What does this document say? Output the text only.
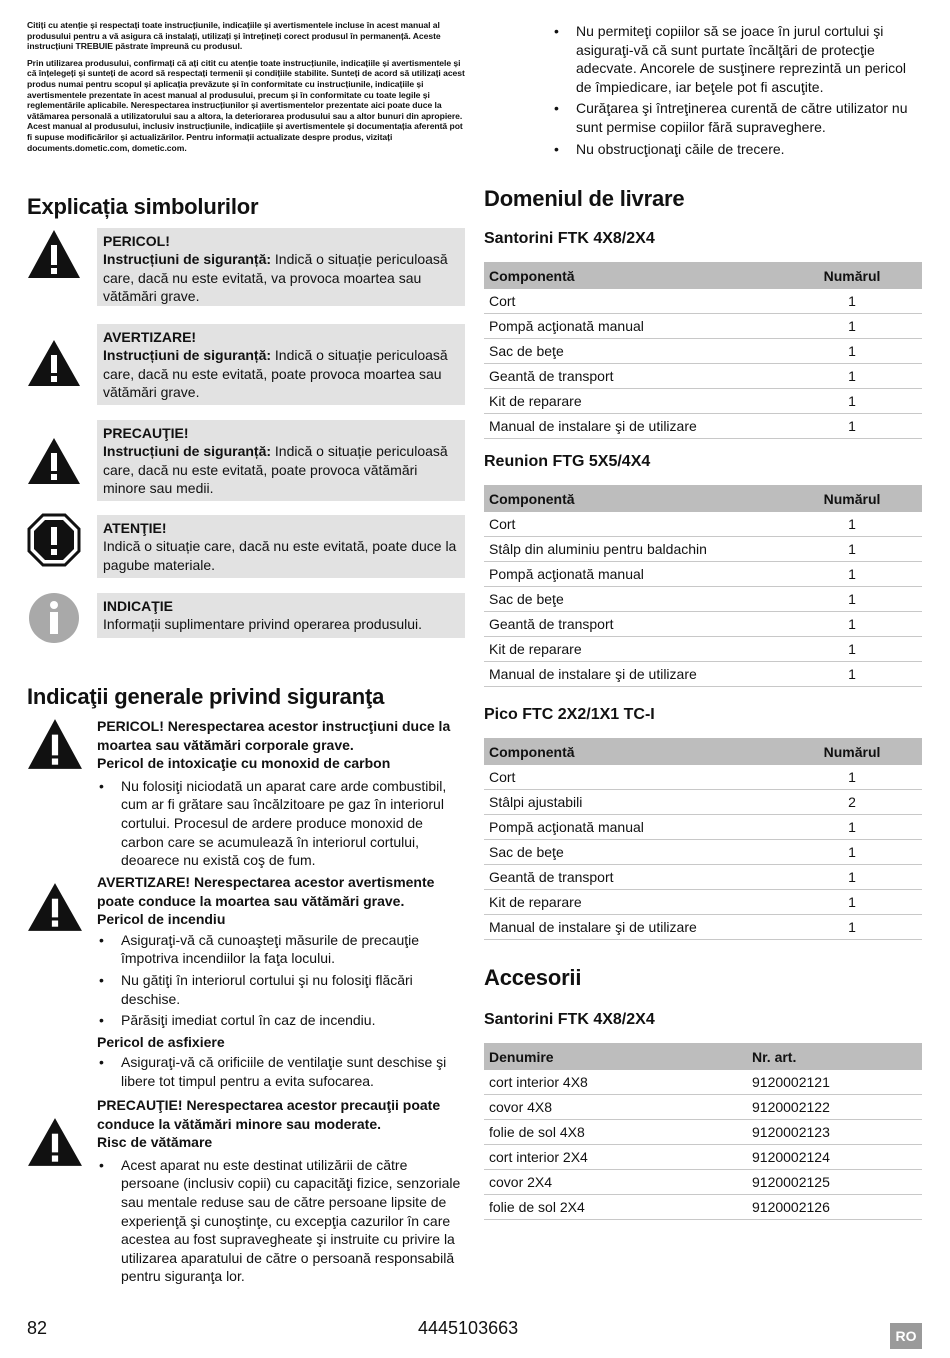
Citiți cu atenție și respectați toate instrucțiunile, indicațiile și avertismentele incluse în acest manual al produsului pentru a vă asigura că instalați, utilizați și întrețineți corect produsul în permanență. Aceste instrucțiuni TREBUIE păstrate împreună cu produsul.

Prin utilizarea produsului, confirmați că ați citit cu atenție toate instrucțiunile, indicațiile și avertismentele și că înțelegeți și sunteți de acord să respectați termenii și condițiile stabilite. Sunteți de acord să utilizați acest produs numai pentru scopul și aplicația prevăzute și în conformitate cu instrucțiunile, indicațiile și avertismentele prezentate în acest manual al produsului, precum și în conformitate cu toate legile și reglementările aplicabile. Nerespectarea instrucțiunilor și avertismentelor prezentate aici poate duce la vătămarea personală a utilizatorului sau a altora, la deteriorarea produsului sau a altor bunuri din apropiere. Acest manual al produsului, inclusiv instrucțiunile, indicațiile și avertismentele și documentația aferentă pot fi supuse modificărilor și actualizărilor. Pentru informații actualizate despre produs, vizitați documents.dometic.com, dometic.com.

Explicația simbolurilor
PERICOL!
Instrucțiuni de siguranță: Indică o situație periculoasă care, dacă nu este evitată, va provoca moartea sau vătămări grave.
AVERTIZARE!
Instrucțiuni de siguranță: Indică o situație periculoasă care, dacă nu este evitată, poate provoca moartea sau vătămări grave.
PRECAUŢIE!
Instrucțiuni de siguranță: Indică o situație periculoasă care, dacă nu este evitată, poate provoca vătămări minore sau medii.
ATENŢIE!
Indică o situație care, dacă nu este evitată, poate duce la pagube materiale.
INDICAŢIE
Informații suplimentare privind operarea produsului.
Indicaţii generale privind siguranţa
PERICOL! Nerespectarea acestor instrucţiuni duce la moartea sau vătămări corporale grave.
Pericol de intoxicaţie cu monoxid de carbon
• Nu folosiţi niciodată un aparat care arde combustibil, cum ar fi grătare sau încălzitoare pe gaz în interiorul cortului. Procesul de ardere produce monoxid de carbon care se acumulează în interiorul cortului, deoarece nu există coş de fum.
AVERTIZARE! Nerespectarea acestor avertismente poate conduce la moartea sau vătămări grave.
Pericol de incendiu
• Asiguraţi-vă că cunoaşteţi măsurile de precauţie împotriva incendiilor la faţa locului.
• Nu gătiţi în interiorul cortului şi nu folosiţi flăcări deschise.
• Părăsiţi imediat cortul în caz de incendiu.
Pericol de asfixiere
• Asiguraţi-vă că orificiile de ventilaţie sunt deschise şi libere tot timpul pentru a evita sufocarea.
PRECAUŢIE! Nerespectarea acestor precauţii poate conduce la vătămări minore sau moderate.
Risc de vătămare
• Acest aparat nu este destinat utilizării de către persoane (inclusiv copii) cu capacităţi fizice, senzoriale sau mentale reduse sau de către persoane lipsite de experienţă şi cunoştinţe, cu excepţia cazurilor în care acestea au fost supravegheate şi instruite cu privire la utilizarea aparatului de către o persoană responsabilă pentru siguranţa lor.
• Nu permiteţi copiilor să se joace în jurul cortului şi asiguraţi-vă că sunt purtate încălţări de protecţie adecvate. Ancorele de susţinere reprezintă un pericol de împiedicare, iar beţele pot fi ascuţite.
• Curăţarea şi întreţinerea curentă de către utilizator nu sunt permise copiilor fără supraveghere.
• Nu obstrucţionaţi căile de trecere.
Domeniul de livrare
Santorini FTK 4X8/2X4
Componentă	Numărul
Cort	1
Pompă acţionată manual	1
Sac de beţe	1
Geantă de transport	1
Kit de reparare	1
Manual de instalare şi de utilizare	1
Reunion FTG 5X5/4X4
Componentă	Numărul
Cort	1
Stâlp din aluminiu pentru baldachin	1
Pompă acţionată manual	1
Sac de beţe	1
Geantă de transport	1
Kit de reparare	1
Manual de instalare şi de utilizare	1
Pico FTC 2X2/1X1 TC-I
Componentă	Numărul
Cort	1
Stâlpi ajustabili	2
Pompă acţionată manual	1
Sac de beţe	1
Geantă de transport	1
Kit de reparare	1
Manual de instalare şi de utilizare	1
Accesorii
Santorini FTK 4X8/2X4
Denumire	Nr. art.
cort interior 4X8	9120002121
covor 4X8	9120002122
folie de sol 4X8	9120002123
cort interior 2X4	9120002124
covor 2X4	9120002125
folie de sol 2X4	9120002126
82	4445103663	RO
